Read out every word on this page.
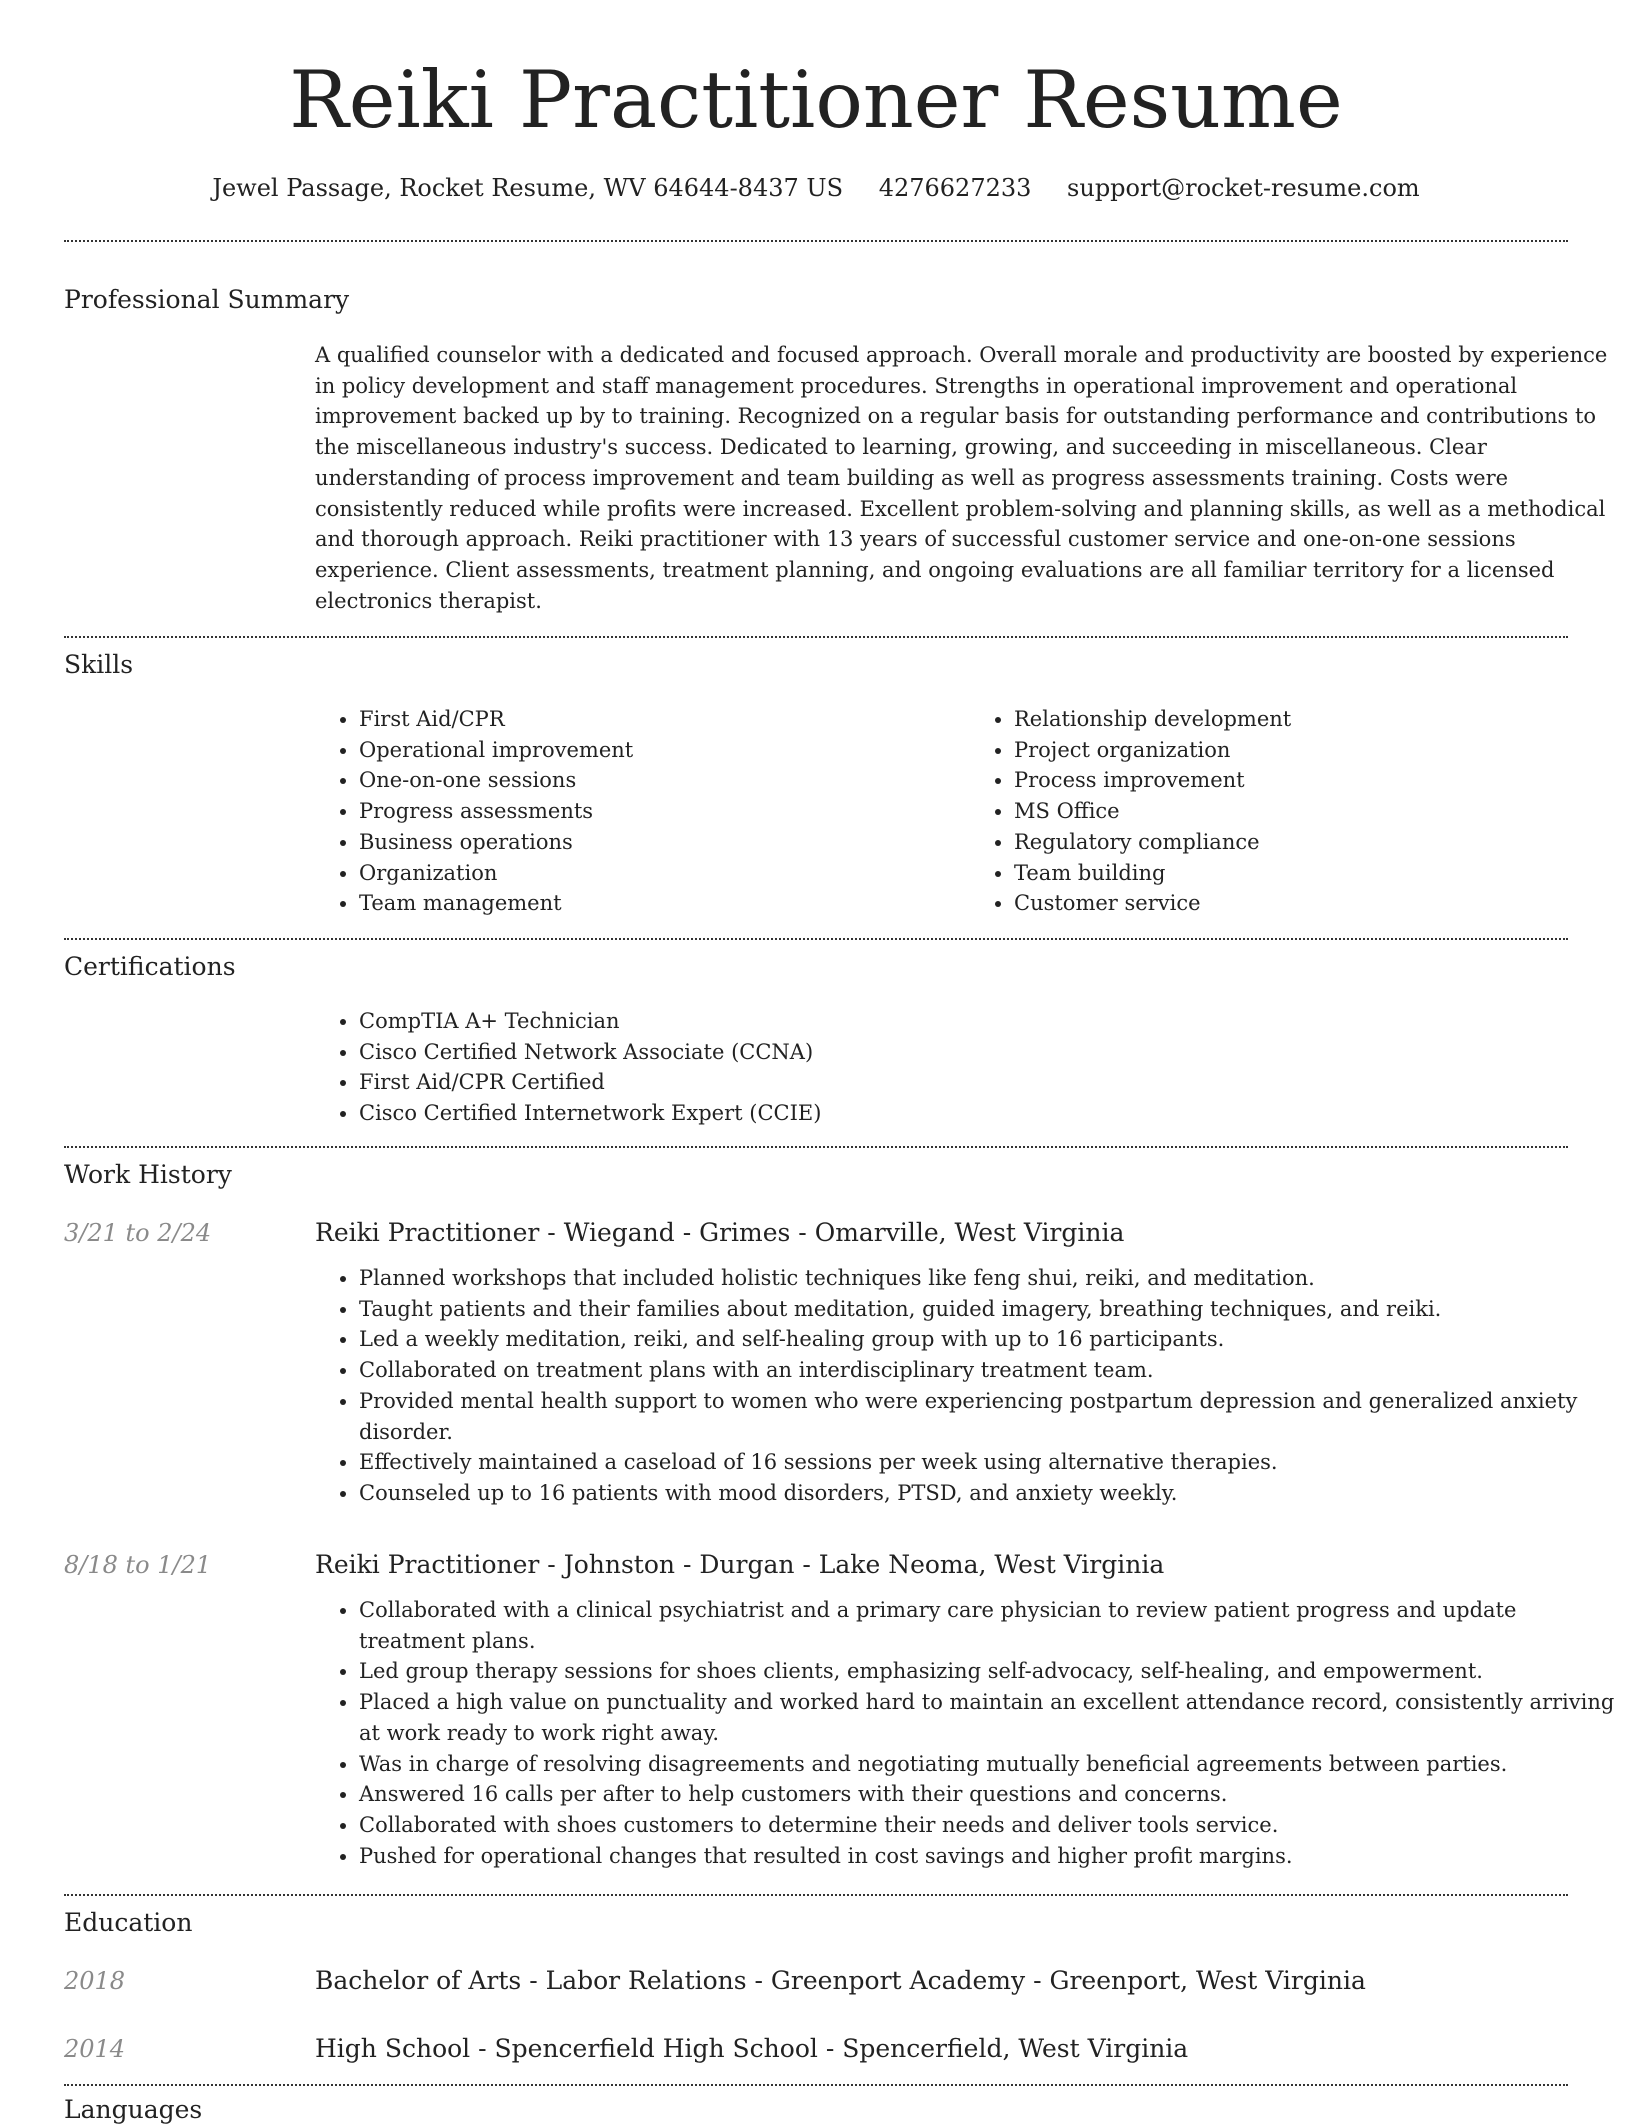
Reiki Practitioner Resume
Jewel Passage, Rocket Resume, WV 64644-8437 US 4276627233 support@rocket-resume.com
Professional Summary

A qualified counselor with a dedicated and focused approach. Overall morale and productivity are boosted by experience in policy development and staff management procedures. Strengths in operational improvement and operational improvement backed up by to training. Recognized on a regular basis for outstanding performance and contributions to the miscellaneous industry's success. Dedicated to learning, growing, and succeeding in miscellaneous. Clear understanding of process improvement and team building as well as progress assessments training. Costs were consistently reduced while profits were increased. Excellent problem-solving and planning skills, as well as a methodical and thorough approach. Reiki practitioner with 13 years of successful customer service and one-on-one sessions experience. Client assessments, treatment planning, and ongoing evaluations are all familiar territory for a licensed electronics therapist.

Skills
• First Aid/CPR
• Operational improvement
• One-on-one sessions
• Progress assessments
• Business operations
• Organization
• Team management
• Relationship development
• Project organization
• Process improvement
• MS Office
• Regulatory compliance
• Team building
• Customer service
Certifications
• CompTIA A+ Technician
• Cisco Certified Network Associate (CCNA)
• First Aid/CPR Certified
• Cisco Certified Internetwork Expert (CCIE)
Work History
3/21 to 2/24	Reiki Practitioner - Wiegand - Grimes - Omarville, West Virginia
• Planned workshops that included holistic techniques like feng shui, reiki, and meditation.
• Taught patients and their families about meditation, guided imagery, breathing techniques, and reiki.
• Led a weekly meditation, reiki, and self-healing group with up to 16 participants.
• Collaborated on treatment plans with an interdisciplinary treatment team.
• Provided mental health support to women who were experiencing postpartum depression and generalized anxiety disorder.
• Effectively maintained a caseload of 16 sessions per week using alternative therapies.
• Counseled up to 16 patients with mood disorders, PTSD, and anxiety weekly.
8/18 to 1/21	Reiki Practitioner - Johnston - Durgan - Lake Neoma, West Virginia
• Collaborated with a clinical psychiatrist and a primary care physician to review patient progress and update treatment plans.
• Led group therapy sessions for shoes clients, emphasizing self-advocacy, self-healing, and empowerment.
• Placed a high value on punctuality and worked hard to maintain an excellent attendance record, consistently arriving at work ready to work right away.
• Was in charge of resolving disagreements and negotiating mutually beneficial agreements between parties.
• Answered 16 calls per after to help customers with their questions and concerns.
• Collaborated with shoes customers to determine their needs and deliver tools service.
• Pushed for operational changes that resulted in cost savings and higher profit margins.
Education
2018	Bachelor of Arts - Labor Relations - Greenport Academy - Greenport, West Virginia
2014	High School - Spencerfield High School - Spencerfield, West Virginia
Languages
